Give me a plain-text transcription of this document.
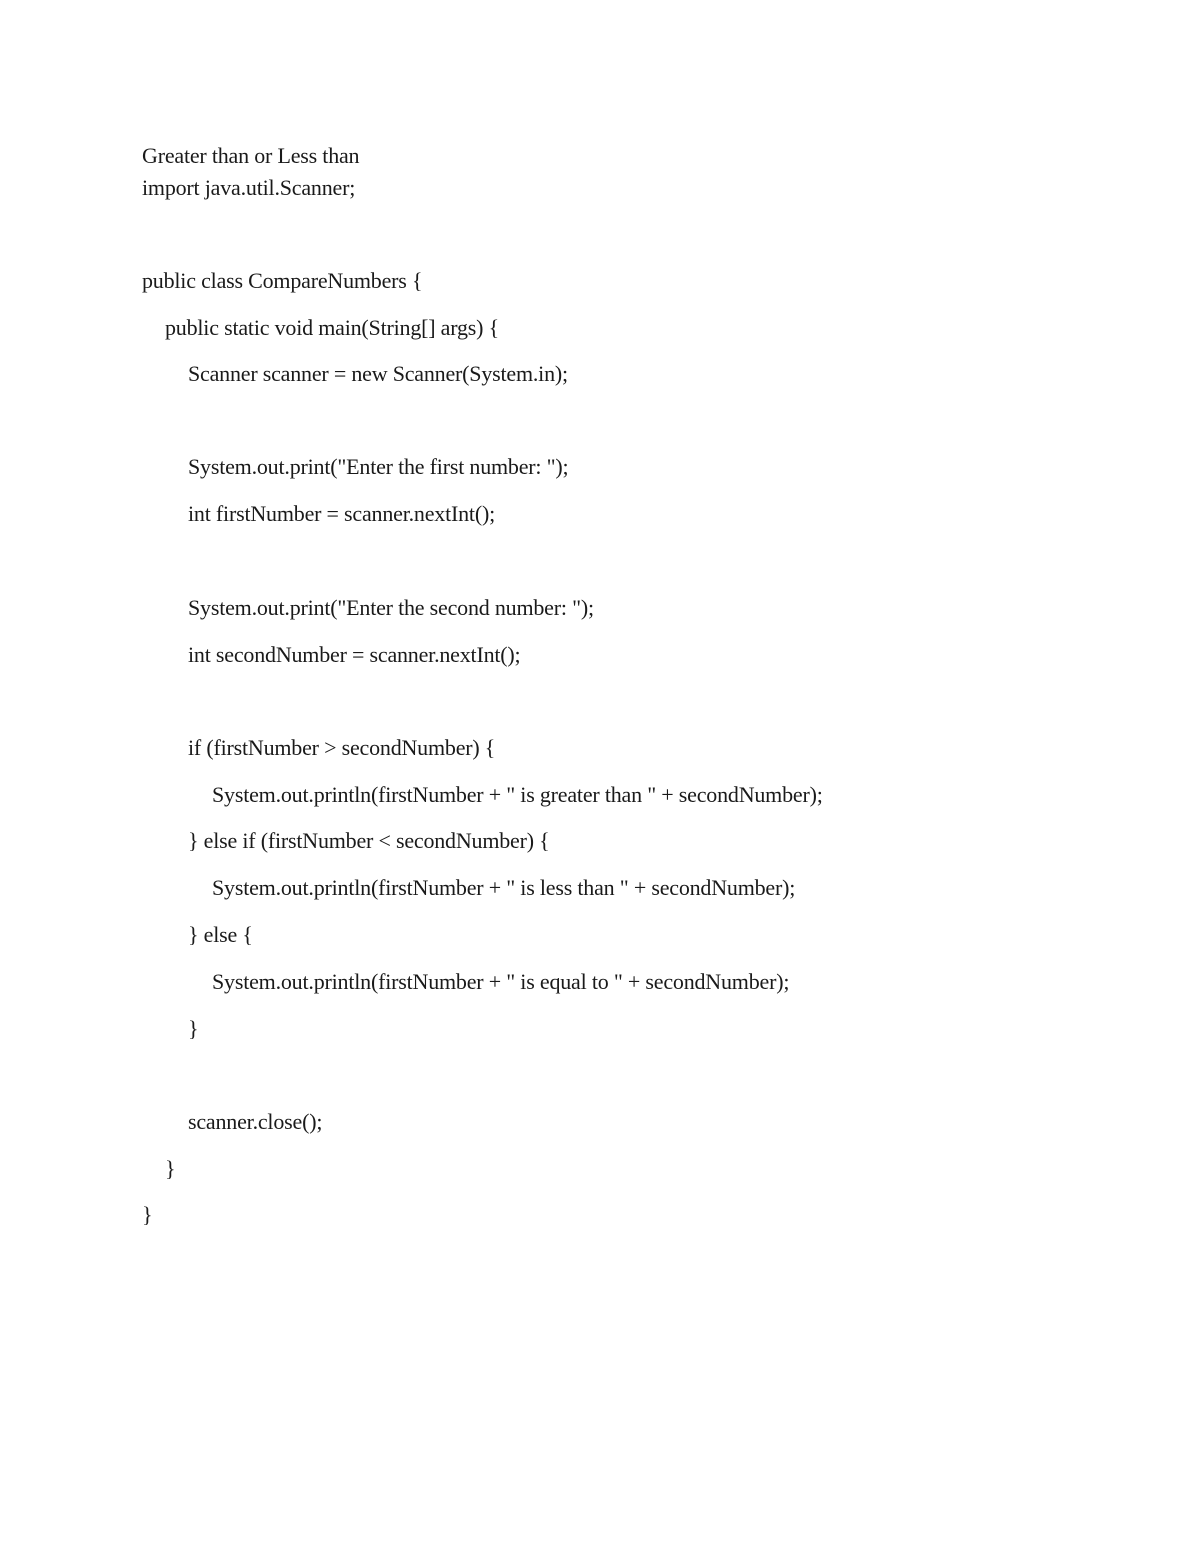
Greater than or Less than
import java.util.Scanner;
public class CompareNumbers {
public static void main(String[] args) {
Scanner scanner = new Scanner(System.in);
System.out.print("Enter the first number: ");
int firstNumber = scanner.nextInt();
System.out.print("Enter the second number: ");
int secondNumber = scanner.nextInt();
if (firstNumber > secondNumber) {
System.out.println(firstNumber + " is greater than " + secondNumber);
} else if (firstNumber < secondNumber) {
System.out.println(firstNumber + " is less than " + secondNumber);
} else {
System.out.println(firstNumber + " is equal to " + secondNumber);
}
scanner.close();
}
}
